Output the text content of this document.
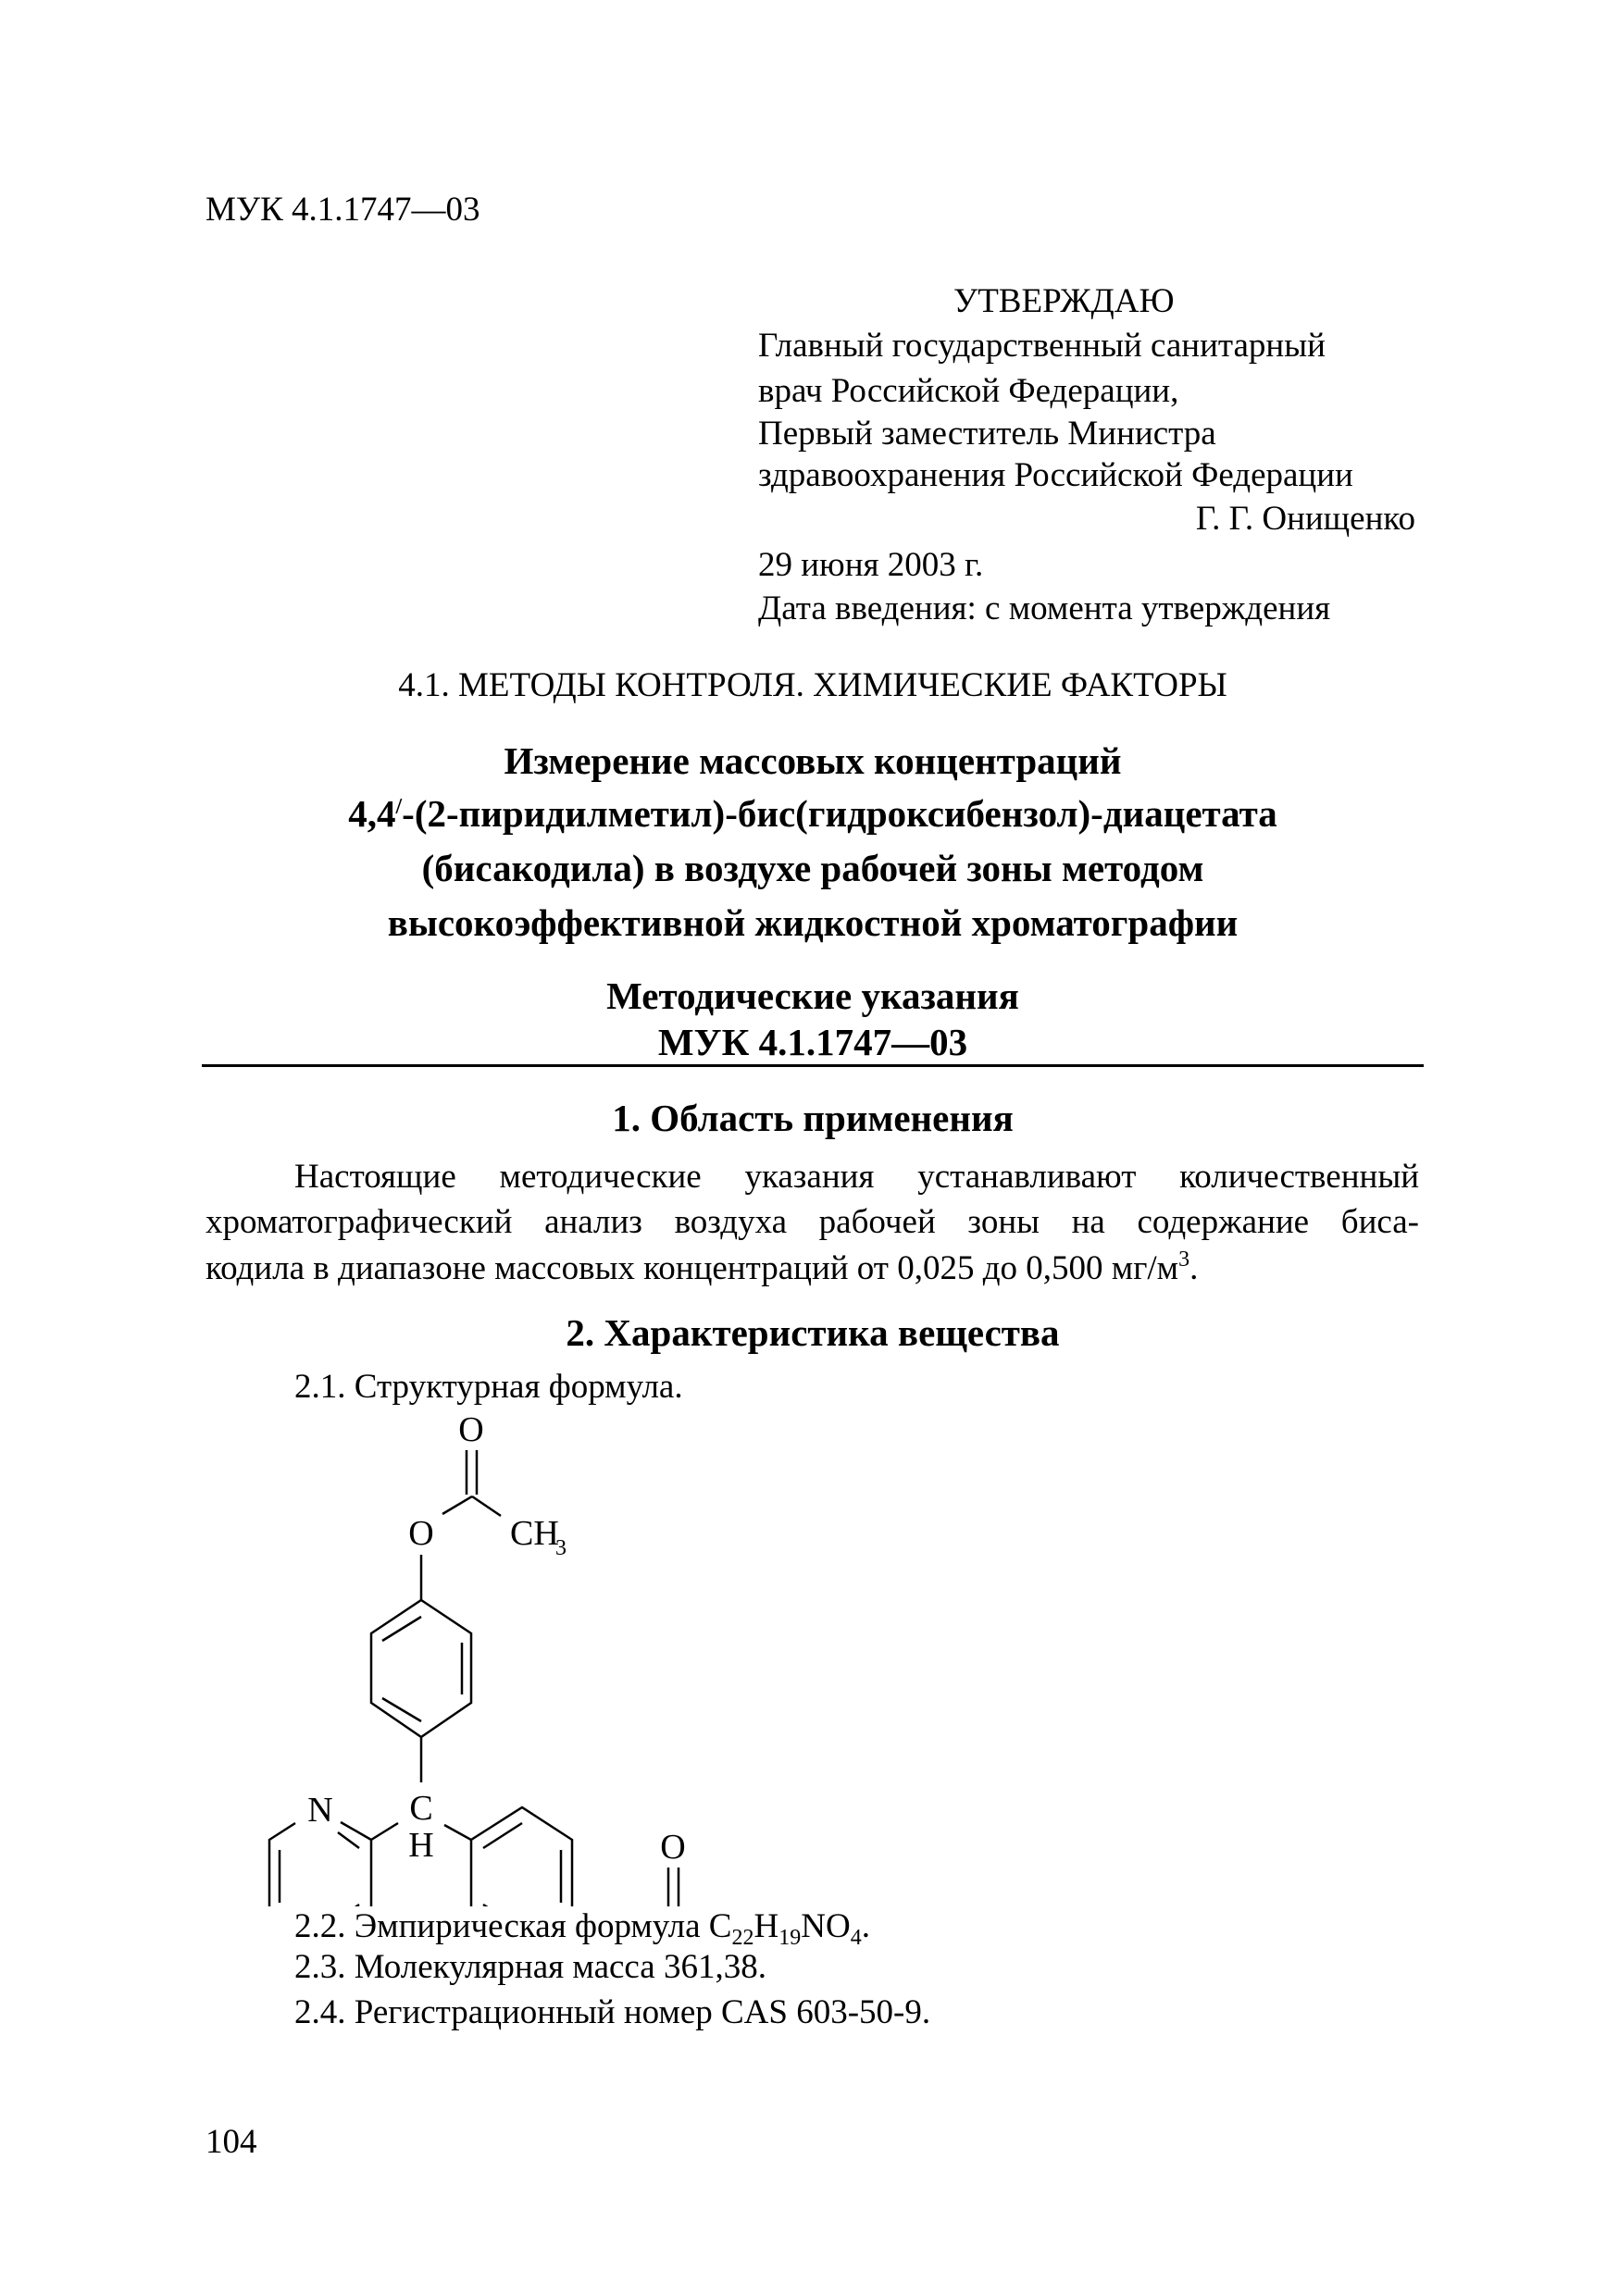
МУК 4.1.1747—03
УТВЕРЖДАЮ
Главный государственный санитарный
врач Российской Федерации,
Первый заместитель Министра
здравоохранения Российской Федерации
Г. Г. Онищенко
29 июня 2003 г.
Дата введения: с момента утверждения
4.1. МЕТОДЫ КОНТРОЛЯ. ХИМИЧЕСКИЕ ФАКТОРЫ
Измерение массовых концентраций
4,4/-(2-пиридилметил)-бис(гидроксибензол)-диацетата
(бисакодила) в воздухе рабочей зоны методом
высокоэффективной жидкостной хроматографии
Методические указания
МУК 4.1.1747—03
1. Область применения
Настоящие методические указания устанавливают количественный
хроматографический анализ воздуха рабочей зоны на содержание биса-
кодила в диапазоне массовых концентраций от 0,025 до 0,500 $мг/м^3$.
2. Характеристика вещества
2.1. Структурная формула.
O
O CH
3
N C
H	O
2.2. Эмпирическая формула $C_{22}H_{19}NO_4$.
2.3. Молекулярная масса 361,38.
2.4. Регистрационный номер CAS 603-50-9.
104
